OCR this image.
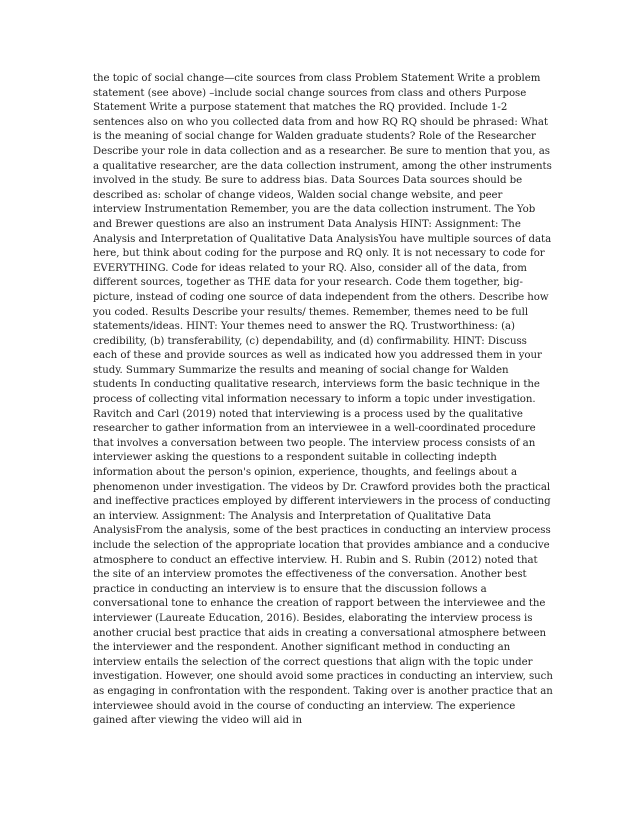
the topic of social change—cite sources from class Problem Statement Write a problem statement (see above) –include social change sources from class and others Purpose Statement Write a purpose statement that matches the RQ provided. Include 1-2 sentences also on who you collected data from and how RQ RQ should be phrased: What is the meaning of social change for Walden graduate students? Role of the Researcher Describe your role in data collection and as a researcher. Be sure to mention that you, as a qualitative researcher, are the data collection instrument, among the other instruments involved in the study. Be sure to address bias. Data Sources Data sources should be described as: scholar of change videos, Walden social change website, and peer interview Instrumentation Remember, you are the data collection instrument. The Yob and Brewer questions are also an instrument Data Analysis HINT: Assignment: The Analysis and Interpretation of Qualitative Data AnalysisYou have multiple sources of data here, but think about coding for the purpose and RQ only. It is not necessary to code for EVERYTHING. Code for ideas related to your RQ. Also, consider all of the data, from different sources, together as THE data for your research. Code them together, big-picture, instead of coding one source of data independent from the others. Describe how you coded. Results Describe your results/ themes. Remember, themes need to be full statements/ideas. HINT: Your themes need to answer the RQ. Trustworthiness: (a) credibility, (b) transferability, (c) dependability, and (d) confirmability. HINT: Discuss each of these and provide sources as well as indicated how you addressed them in your study. Summary Summarize the results and meaning of social change for Walden students In conducting qualitative research, interviews form the basic technique in the process of collecting vital information necessary to inform a topic under investigation. Ravitch and Carl (2019) noted that interviewing is a process used by the qualitative researcher to gather information from an interviewee in a well-coordinated procedure that involves a conversation between two people. The interview process consists of an interviewer asking the questions to a respondent suitable in collecting indepth information about the person's opinion, experience, thoughts, and feelings about a phenomenon under investigation. The videos by Dr. Crawford provides both the practical and ineffective practices employed by different interviewers in the process of conducting an interview. Assignment: The Analysis and Interpretation of Qualitative Data AnalysisFrom the analysis, some of the best practices in conducting an interview process include the selection of the appropriate location that provides ambiance and a conducive atmosphere to conduct an effective interview. H. Rubin and S. Rubin (2012) noted that the site of an interview promotes the effectiveness of the conversation. Another best practice in conducting an interview is to ensure that the discussion follows a conversational tone to enhance the creation of rapport between the interviewee and the interviewer (Laureate Education, 2016). Besides, elaborating the interview process is another crucial best practice that aids in creating a conversational atmosphere between the interviewer and the respondent. Another significant method in conducting an interview entails the selection of the correct questions that align with the topic under investigation. However, one should avoid some practices in conducting an interview, such as engaging in confrontation with the respondent. Taking over is another practice that an interviewee should avoid in the course of conducting an interview. The experience gained after viewing the video will aid in
